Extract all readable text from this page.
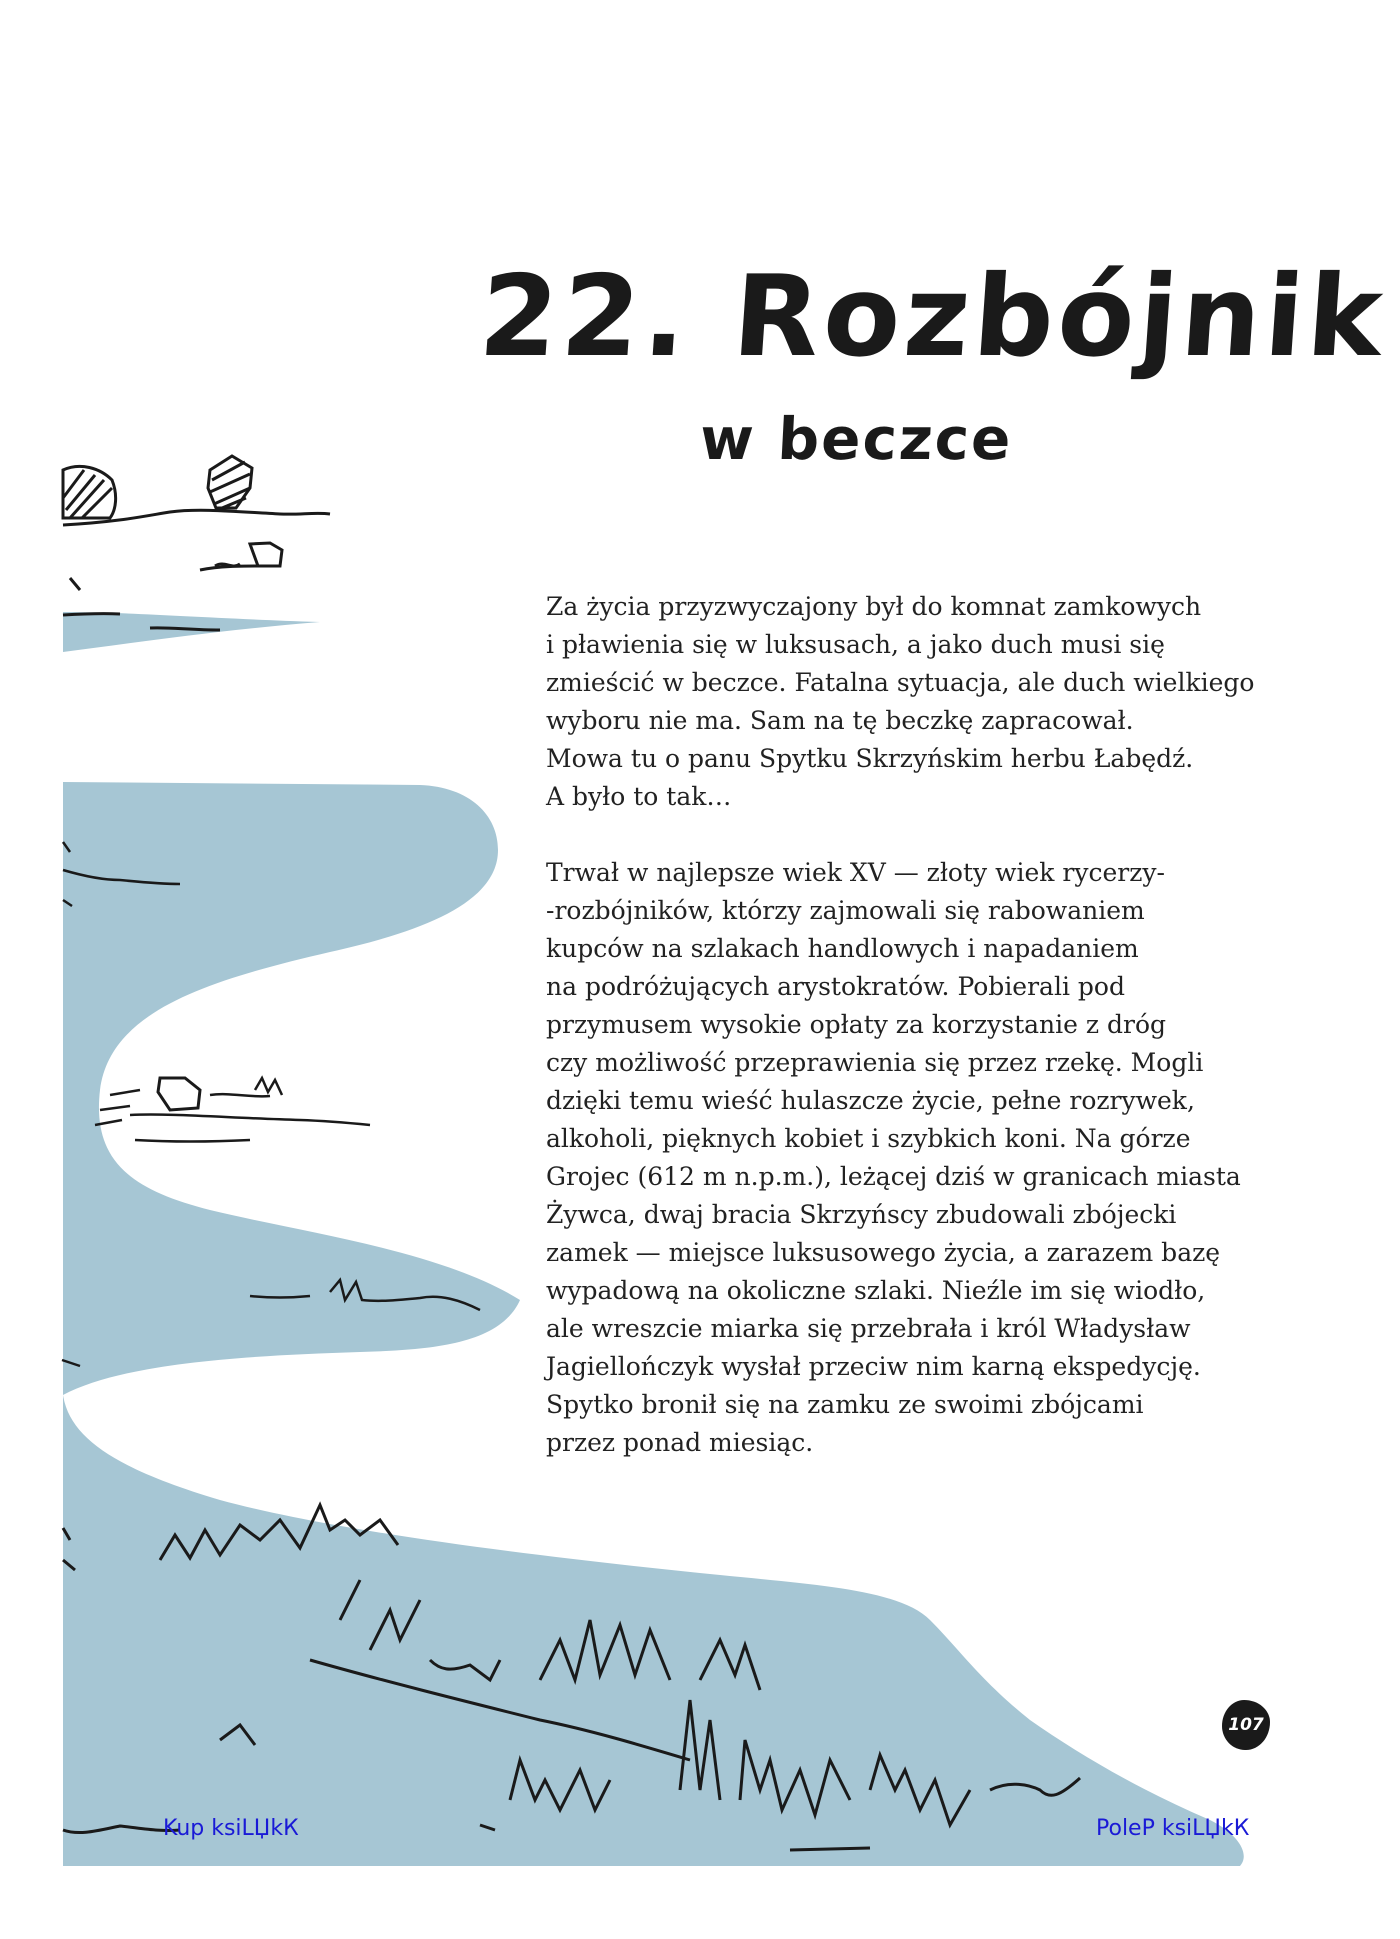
22. Rozbójnik
w beczce
Za życia przyzwyczajony był do komnat zamkowych
i pławienia się w luksusach, a jako duch musi się
zmieścić w beczce. Fatalna sytuacja, ale duch wielkiego
wyboru nie ma. Sam na tę beczkę zapracował.
Mowa tu o panu Spytku Skrzyńskim herbu Łabędź.
A było to tak…
Trwał w najlepsze wiek XV — złoty wiek rycerzy-
-rozbójników, którzy zajmowali się rabowaniem
kupców na szlakach handlowych i napadaniem
na podróżujących arystokratów. Pobierali pod
przymusem wysokie opłaty za korzystanie z dróg
czy możliwość przeprawienia się przez rzekę. Mogli
dzięki temu wieść hulaszcze życie, pełne rozrywek,
alkoholi, pięknych kobiet i szybkich koni. Na górze
Grojec (612 m n.p.m.), leżącej dziś w granicach miasta
Żywca, dwaj bracia Skrzyńscy zbudowali zbójecki
zamek — miejsce luksusowego życia, a zarazem bazę
wypadową na okoliczne szlaki. Nieźle im się wiodło,
ale wreszcie miarka się przebrała i król Władysław
Jagiellończyk wysłał przeciw nim karną ekspedycję.
Spytko bronił się na zamku ze swoimi zbójcami
przez ponad miesiąc.
107
Kup ksiLЏkК	PoleР ksiLЏkК
